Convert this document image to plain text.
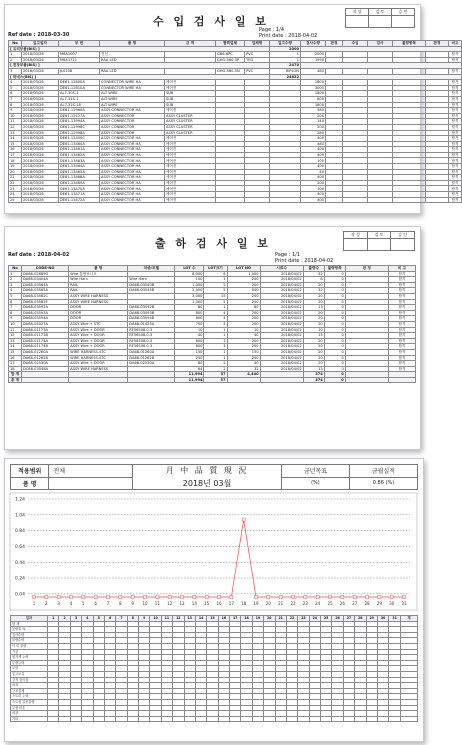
수 입 검 사 일 보
작 성	검 토	승 인

Ref date : 2018-03-30
Page : 1/4
Print date : 2018-04-02
No	입고일자	부 번	품 명	규 격	협력업체	업체명	입고수량	검사수량	판정	수입	검사	불량항목	판정	비고	
[ 유리부품(BIS) ]							2000								
1	2018/03/26	M6A1007	전선		GB6-6PC	PVC	1	2000						합격	
2	2018/03/26	M6A1711	RAA LED		GHG-560-5P	TEG	1	1990						합격	
[ 전장부품(BIS) ]							2470								
3	2018/03/26	JLS108	RAA LED		GHG-560-5N	PVC	RIPLON	480						합격	
[ 하네스(BIS) ]							24822								
4	2018/03/26	DE61-12800A	CONNECTOR WIRE HA	에어컨				1800						합격	
5	2018/03/26	DE61-12810A	CONNECTOR WIRE HA	에어컨				3000						합격	
6	2018/03/26	AL7-30S-1	ALT WIRE	SUB				1800						합격	
7	2018/03/26	AL7-31S-1	ALT WIRE	SUB				800						합격	
8	2018/03/26	AL7-32S-18	ALT WIRE	SUB				1800						합격	
9	2018/03/26	DE61-12960A	ASSY CONNECTOR HA	에어컨				580						합격	
10	2018/03/26	DE61-12127A	ASSY CONNECTOR	ASSY CLUSTER				200						합격	
11	2018/03/26	DE61-13994A	ASSY CONNECTOR	ASSY CLUSTER				140						합격	
12	2018/03/26	DE61-12998C	ASSY CONNECTOR	ASSY CLUSTER				200						합격	
13	2018/03/26	DE61-12998A	ASSY CONNECTOR	ASSY CLUSTER				280						합격	
14	2018/03/26	DE61-12450C	ASSY CONNECTOR HA	에어컨				400						합격	
15	2018/03/26	DE61-13460A	ASSY CONNECTOR HA	에어컨				480						합격	
16	2018/03/26	DE61-13461A	ASSY CONNECTOR HA	에어컨				400						합격	
17	2018/03/26	DE61-13462A	ASSY CONNECTOR HA	에어컨				400						합격	
18	2018/03/26	DE61-13463A	ASSY CONNECTOR HA	에어컨				100						합격	
19	2018/03/26	DE61-13464A	ASSY CONNECTOR HA	에어컨				400						합격	
20	2018/03/26	DE61-13465A	ASSY CONNECTOR HA	에어컨				40						합격	
21	2018/03/26	DE61-13468A	ASSY CONNECTOR HA	에어컨				400						합격	
22	2018/03/26	DE61-13469A	ASSY CONNECTOR HA	에어컨				200						합격	
23	2018/03/26	DE61-13470A	ASSY CONNECTOR HA	에어컨				100						합격	
24	2018/03/26	DE61-13471A	ASSY CONNECTOR HA	에어컨				400						합격	
25	2018/03/26	DE61-13472A	ASSY CONNECTOR HA	에어컨				400						합격	
출 하 검 사 일 보
작 성	검 토	승 인

Ref date : 2018-04-02	Page : 1/1
Print date : 2018-04-02
No	CODE-NO	품 명	차종/모델	LOT 수	LOT크기	LOT NO	시료수	불량수	불량항목	판 정	비 고
1	DA68-02689G	Wire 통합보니오		8,000	8	1,000	2018/04/02	32	0		합격
2	DA68-03404A	Wire Harn	Wire Harn	100	1	200	2018/04/02	8	0		합격
3	DA68-03564A	RAIL	DA68-03540B	1,000	5	200	2018/04/02	20	0		합격
4	DA68-03565A	RAIL	DA68-03545B	2,500	5	500	2018/04/02	32	0		합격
5	DA68-03582C	ASSY WIRE HARNESS		3,000	15	200	2018/04/02	20	0		합격
6	DA68-03582E	ASSY WIRE HARNESS		1,000	5	200	2018/04/02	20	0		합격
7	DA68-03592A	DOOR	DA68-03592B	80	1	80	2018/04/02	13	0		합격
8	DA68-03593A	DOOR	DA68-03593B	800	4	200	2018/04/02	20	0		합격
9	DA68-03594A	DOOR	DA68-03594B	800	4	200	2018/04/02	20	0		합격
10	DA68-04027A	ASSY Wire + STC	DA68-01425A	700	4	200	2018/04/02	20	0		합격
11	DA68-01173A	ASSY Wire + DOOR	RF56508.0.3	10	1	10	2018/04/02	10	0		합격
12	DA68-01173B	ASSY Wire + DOOR	RF56508.0.3	40	1	40	2018/04/02	13	0		합격
13	DA68-01174A	ASSY Wire + DOOR	RF56508.0.3	600	3	200	2018/04/02	20	0		합격
14	DA68-01174B	ASSY Wire + DOOR	RF56508.0.3	600	3	200	2018/04/02	20	0		합격
15	DA68-01260A	WIRE HARNESS-STC	DA68-01260A	150	1	150	2018/04/02	20	0		합격
16	DA68-01262B	WIRE HARNESS-STC	DA68-01262B	200	1	200	2018/04/02	20	0		합격
17	DA68-02530A	ASSY Wire + DOOR	DA68-02530A	80	2	40	2018/04/02	20	0		합격
18	DC68-03548A	ASSY WIRE HARNESS		64	2	32	2018/04/02	13	0		합격
합 계				11,994	57	4,440		374	0		
총 계				11,994	57			374	0		
적용범위	전체	月 中 品 質 現 況
2018년 03월	금년목표	금월실적
품 명			(%)	0.86 (%)
1.24
1.04
0.84
0.64
0.44
0.24
0.04
1 2 3 4 5 6 7 8 9 10 11 12 13 14 15 16 17 18 19 20 21 22 23 24 25 26 27 28 29 30 31
일자	1	2	3	4	5	6	7	8	9	10	11	12	13	14	15	16	17	18	19	20	21	22	23	24	25	26	27	28	29	30	31	계
합 계																																
불량율 %																																
검사수량																																
불량수량																																
이 미 불량																																
가공																																
원자재 누락																																
부품누락																																
모양																																
입고보류																																
규격 검사불																																
파괴																																
구조설계																																
스트리 누락																																
스트립 알선불량																																
부품 파손																																
외관																																
기타																																
